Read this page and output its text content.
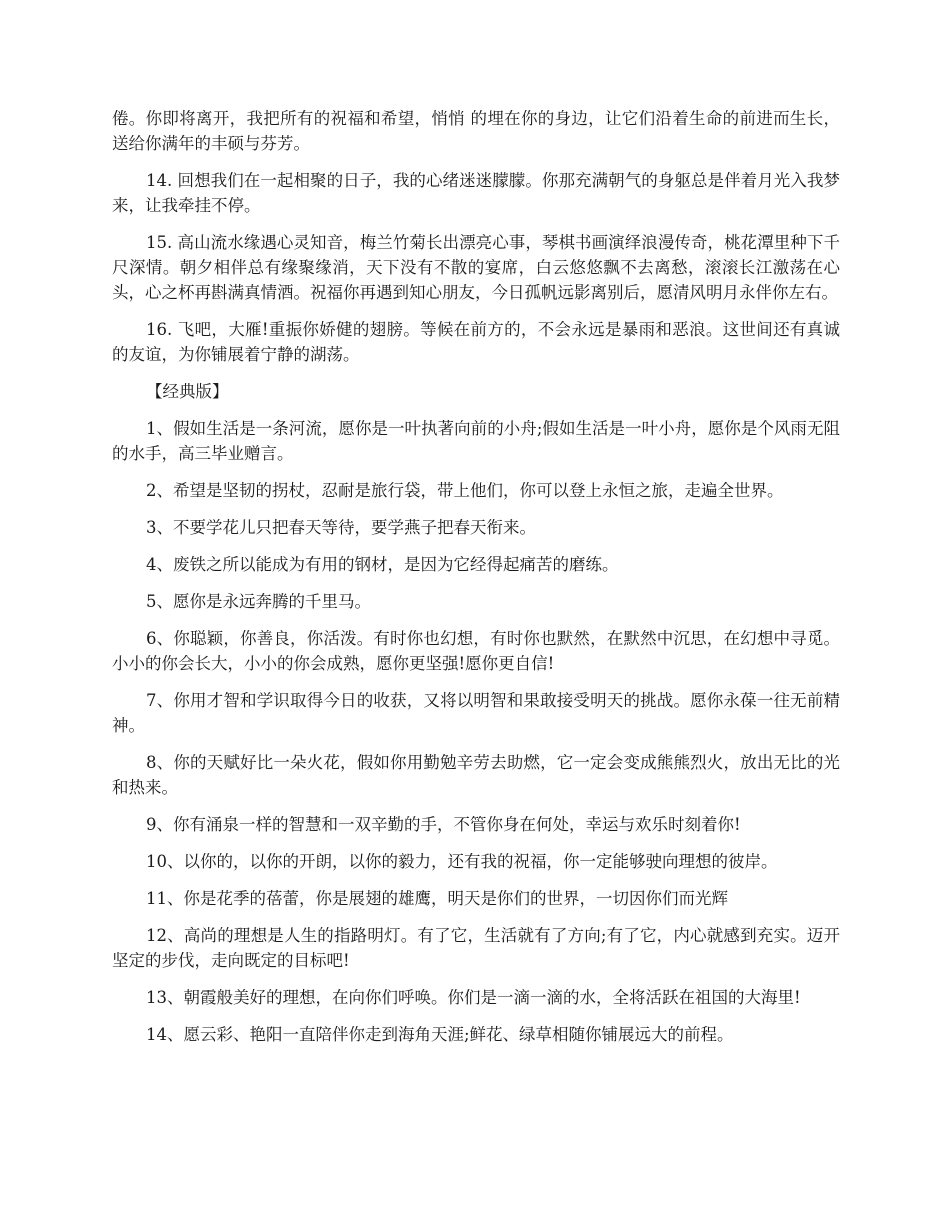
倦。你即将离开，我把所有的祝福和希望，悄悄 的埋在你的身边，让它们沿着生命的前进而生长，送给你满年的丰硕与芬芳。

14. 回想我们在一起相聚的日子，我的心绪迷迷朦朦。你那充满朝气的身躯总是伴着月光入我梦来，让我牵挂不停。

15. 高山流水缘遇心灵知音，梅兰竹菊长出漂亮心事，琴棋书画演绎浪漫传奇，桃花潭里种下千尺深情。朝夕相伴总有缘聚缘消，天下没有不散的宴席，白云悠悠飘不去离愁，滚滚长江激荡在心头，心之杯再斟满真情酒。祝福你再遇到知心朋友，今日孤帆远影离别后，愿清风明月永伴你左右。

16. 飞吧，大雁!重振你娇健的翅膀。等候在前方的，不会永远是暴雨和恶浪。这世间还有真诚的友谊，为你铺展着宁静的湖荡。

【经典版】

1、假如生活是一条河流，愿你是一叶执著向前的小舟;假如生活是一叶小舟，愿你是个风雨无阻的水手，高三毕业赠言。

2、希望是坚韧的拐杖，忍耐是旅行袋，带上他们，你可以登上永恒之旅，走遍全世界。

3、不要学花儿只把春天等待，要学燕子把春天衔来。

4、废铁之所以能成为有用的钢材，是因为它经得起痛苦的磨练。

5、愿你是永远奔腾的千里马。

6、你聪颖，你善良，你活泼。有时你也幻想，有时你也默然，在默然中沉思，在幻想中寻觅。小小的你会长大，小小的你会成熟，愿你更坚强!愿你更自信!

7、你用才智和学识取得今日的收获，又将以明智和果敢接受明天的挑战。愿你永葆一往无前精神。

8、你的天赋好比一朵火花，假如你用勤勉辛劳去助燃，它一定会变成熊熊烈火，放出无比的光和热来。

9、你有涌泉一样的智慧和一双辛勤的手，不管你身在何处，幸运与欢乐时刻着你!

10、以你的，以你的开朗，以你的毅力，还有我的祝福，你一定能够驶向理想的彼岸。

11、你是花季的蓓蕾，你是展翅的雄鹰，明天是你们的世界，一切因你们而光辉

12、高尚的理想是人生的指路明灯。有了它，生活就有了方向;有了它，内心就感到充实。迈开坚定的步伐，走向既定的目标吧!

13、朝霞般美好的理想，在向你们呼唤。你们是一滴一滴的水，全将活跃在祖国的大海里!

14、愿云彩、艳阳一直陪伴你走到海角天涯;鲜花、绿草相随你铺展远大的前程。
